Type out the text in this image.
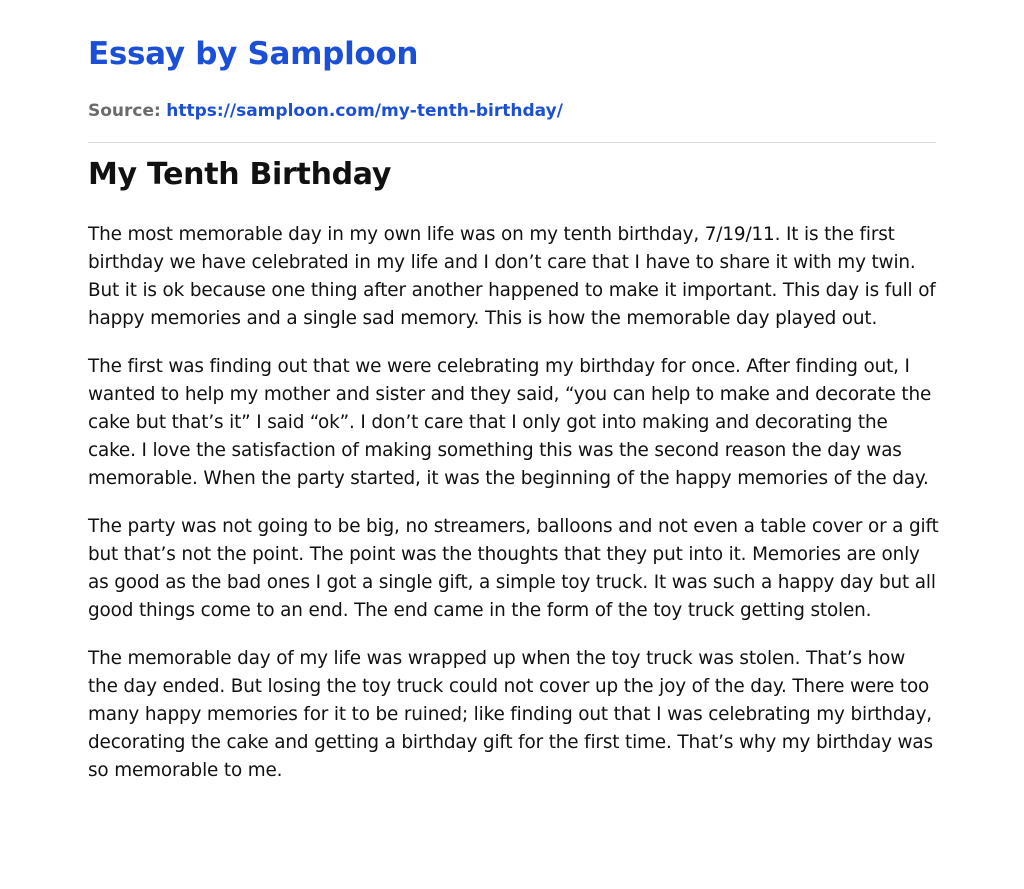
Essay by Samploon
Source: https://samploon.com/my-tenth-birthday/
My Tenth Birthday

The most memorable day in my own life was on my tenth birthday, 7/19/11. It is the first birthday we have celebrated in my life and I don’t care that I have to share it with my twin. But it is ok because one thing after another happened to make it important. This day is full of happy memories and a single sad memory. This is how the memorable day played out.

The first was finding out that we were celebrating my birthday for once. After finding out, I wanted to help my mother and sister and they said, “you can help to make and decorate the cake but that’s it” I said “ok”. I don’t care that I only got into making and decorating the cake. I love the satisfaction of making something this was the second reason the day was memorable. When the party started, it was the beginning of the happy memories of the day.

The party was not going to be big, no streamers, balloons and not even a table cover or a gift but that’s not the point. The point was the thoughts that they put into it. Memories are only as good as the bad ones I got a single gift, a simple toy truck. It was such a happy day but all good things come to an end. The end came in the form of the toy truck getting stolen.

The memorable day of my life was wrapped up when the toy truck was stolen. That’s how the day ended. But losing the toy truck could not cover up the joy of the day. There were too many happy memories for it to be ruined; like finding out that I was celebrating my birthday, decorating the cake and getting a birthday gift for the first time. That’s why my birthday was so memorable to me.
